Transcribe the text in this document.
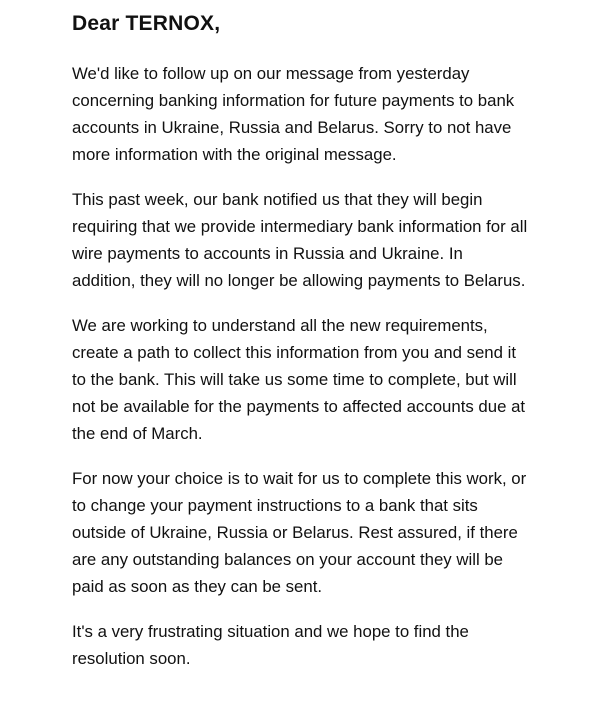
Dear TERNOX,

We'd like to follow up on our message from yesterday
concerning banking information for future payments to bank
accounts in Ukraine, Russia and Belarus. Sorry to not have
more information with the original message.

This past week, our bank notified us that they will begin
requiring that we provide intermediary bank information for all
wire payments to accounts in Russia and Ukraine. In
addition, they will no longer be allowing payments to Belarus.

We are working to understand all the new requirements,
create a path to collect this information from you and send it
to the bank. This will take us some time to complete, but will
not be available for the payments to affected accounts due at
the end of March.

For now your choice is to wait for us to complete this work, or
to change your payment instructions to a bank that sits
outside of Ukraine, Russia or Belarus. Rest assured, if there
are any outstanding balances on your account they will be
paid as soon as they can be sent.

It's a very frustrating situation and we hope to find the
resolution soon.
